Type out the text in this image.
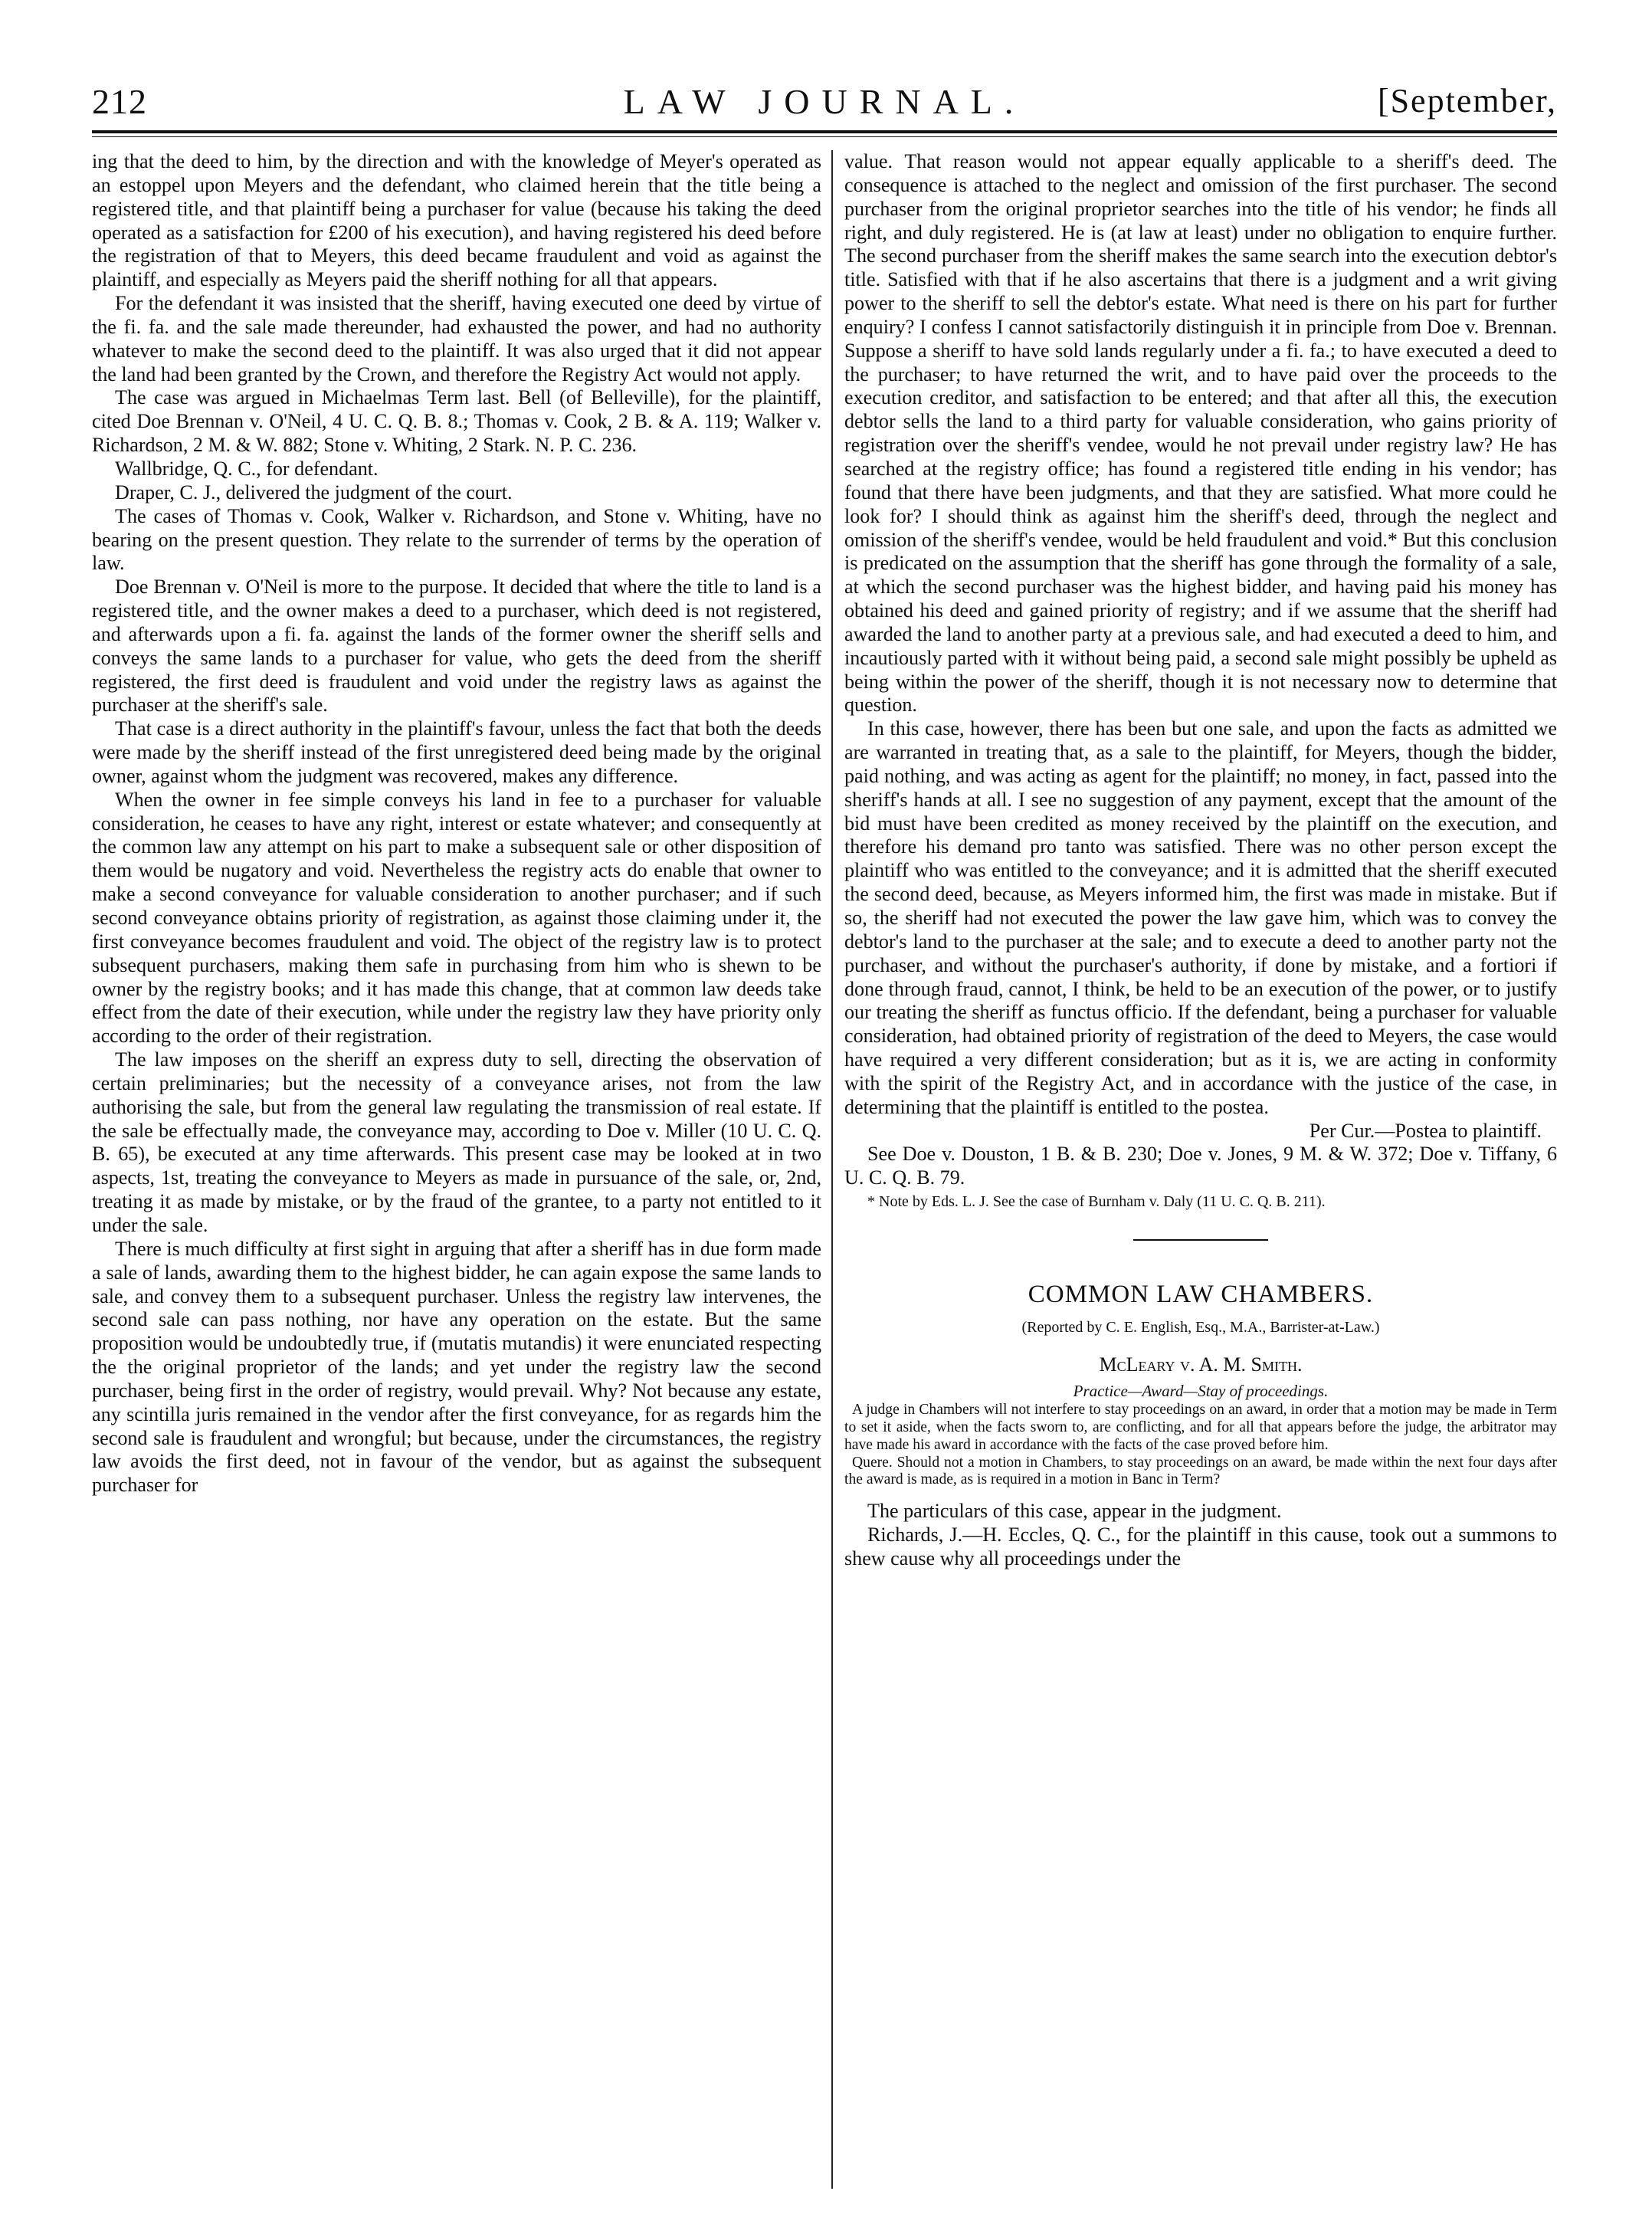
212	LAW JOURNAL.	[September,

ing that the deed to him, by the direction and with the knowledge of Meyer's operated as an estoppel upon Meyers and the defendant, who claimed herein that the title being a registered title, and that plaintiff being a purchaser for value (because his taking the deed operated as a satisfaction for £200 of his execution), and having registered his deed before the registration of that to Meyers, this deed became fraudulent and void as against the plaintiff, and especially as Meyers paid the sheriff nothing for all that appears.

For the defendant it was insisted that the sheriff, having executed one deed by virtue of the fi. fa. and the sale made thereunder, had exhausted the power, and had no authority whatever to make the second deed to the plaintiff. It was also urged that it did not appear the land had been granted by the Crown, and therefore the Registry Act would not apply.

The case was argued in Michaelmas Term last. Bell (of Belleville), for the plaintiff, cited Doe Brennan v. O'Neil, 4 U. C. Q. B. 8.; Thomas v. Cook, 2 B. & A. 119; Walker v. Richardson, 2 M. & W. 882; Stone v. Whiting, 2 Stark. N. P. C. 236.

Wallbridge, Q. C., for defendant.

Draper, C. J., delivered the judgment of the court.

The cases of Thomas v. Cook, Walker v. Richardson, and Stone v. Whiting, have no bearing on the present question. They relate to the surrender of terms by the operation of law.

Doe Brennan v. O'Neil is more to the purpose. It decided that where the title to land is a registered title, and the owner makes a deed to a purchaser, which deed is not registered, and afterwards upon a fi. fa. against the lands of the former owner the sheriff sells and conveys the same lands to a purchaser for value, who gets the deed from the sheriff registered, the first deed is fraudulent and void under the registry laws as against the purchaser at the sheriff's sale.

That case is a direct authority in the plaintiff's favour, unless the fact that both the deeds were made by the sheriff instead of the first unregistered deed being made by the original owner, against whom the judgment was recovered, makes any difference.

When the owner in fee simple conveys his land in fee to a purchaser for valuable consideration, he ceases to have any right, interest or estate whatever; and consequently at the common law any attempt on his part to make a subsequent sale or other disposition of them would be nugatory and void. Nevertheless the registry acts do enable that owner to make a second conveyance for valuable consideration to another purchaser; and if such second conveyance obtains priority of registration, as against those claiming under it, the first conveyance becomes fraudulent and void. The object of the registry law is to protect subsequent purchasers, making them safe in purchasing from him who is shewn to be owner by the registry books; and it has made this change, that at common law deeds take effect from the date of their execution, while under the registry law they have priority only according to the order of their registration.

The law imposes on the sheriff an express duty to sell, directing the observation of certain preliminaries; but the necessity of a conveyance arises, not from the law authorising the sale, but from the general law regulating the transmission of real estate. If the sale be effectually made, the conveyance may, according to Doe v. Miller (10 U. C. Q. B. 65), be executed at any time afterwards. This present case may be looked at in two aspects, 1st, treating the conveyance to Meyers as made in pursuance of the sale, or, 2nd, treating it as made by mistake, or by the fraud of the grantee, to a party not entitled to it under the sale.

There is much difficulty at first sight in arguing that after a sheriff has in due form made a sale of lands, awarding them to the highest bidder, he can again expose the same lands to sale, and convey them to a subsequent purchaser. Unless the registry law intervenes, the second sale can pass nothing, nor have any operation on the estate. But the same proposition would be undoubtedly true, if (mutatis mutandis) it were enunciated respecting the the original proprietor of the lands; and yet under the registry law the second purchaser, being first in the order of registry, would prevail. Why? Not because any estate, any scintilla juris remained in the vendor after the first conveyance, for as regards him the second sale is fraudulent and wrongful; but because, under the circumstances, the registry law avoids the first deed, not in favour of the vendor, but as against the subsequent purchaser for

value. That reason would not appear equally applicable to a sheriff's deed. The consequence is attached to the neglect and omission of the first purchaser. The second purchaser from the original proprietor searches into the title of his vendor; he finds all right, and duly registered. He is (at law at least) under no obligation to enquire further. The second purchaser from the sheriff makes the same search into the execution debtor's title. Satisfied with that if he also ascertains that there is a judgment and a writ giving power to the sheriff to sell the debtor's estate. What need is there on his part for further enquiry? I confess I cannot satisfactorily distinguish it in principle from Doe v. Brennan. Suppose a sheriff to have sold lands regularly under a fi. fa.; to have executed a deed to the purchaser; to have returned the writ, and to have paid over the proceeds to the execution creditor, and satisfaction to be entered; and that after all this, the execution debtor sells the land to a third party for valuable consideration, who gains priority of registration over the sheriff's vendee, would he not prevail under registry law? He has searched at the registry office; has found a registered title ending in his vendor; has found that there have been judgments, and that they are satisfied. What more could he look for? I should think as against him the sheriff's deed, through the neglect and omission of the sheriff's vendee, would be held fraudulent and void.* But this conclusion is predicated on the assumption that the sheriff has gone through the formality of a sale, at which the second purchaser was the highest bidder, and having paid his money has obtained his deed and gained priority of registry; and if we assume that the sheriff had awarded the land to another party at a previous sale, and had executed a deed to him, and incautiously parted with it without being paid, a second sale might possibly be upheld as being within the power of the sheriff, though it is not necessary now to determine that question.

In this case, however, there has been but one sale, and upon the facts as admitted we are warranted in treating that, as a sale to the plaintiff, for Meyers, though the bidder, paid nothing, and was acting as agent for the plaintiff; no money, in fact, passed into the sheriff's hands at all. I see no suggestion of any payment, except that the amount of the bid must have been credited as money received by the plaintiff on the execution, and therefore his demand pro tanto was satisfied. There was no other person except the plaintiff who was entitled to the conveyance; and it is admitted that the sheriff executed the second deed, because, as Meyers informed him, the first was made in mistake. But if so, the sheriff had not executed the power the law gave him, which was to convey the debtor's land to the purchaser at the sale; and to execute a deed to another party not the purchaser, and without the purchaser's authority, if done by mistake, and a fortiori if done through fraud, cannot, I think, be held to be an execution of the power, or to justify our treating the sheriff as functus officio. If the defendant, being a purchaser for valuable consideration, had obtained priority of registration of the deed to Meyers, the case would have required a very different consideration; but as it is, we are acting in conformity with the spirit of the Registry Act, and in accordance with the justice of the case, in determining that the plaintiff is entitled to the postea.

Per Cur.—Postea to plaintiff.

See Doe v. Douston, 1 B. & B. 230; Doe v. Jones, 9 M. & W. 372; Doe v. Tiffany, 6 U. C. Q. B. 79.

* Note by Eds. L. J. See the case of Burnham v. Daly (11 U. C. Q. B. 211).

COMMON LAW CHAMBERS.
(Reported by C. E. English, Esq., M.A., Barrister-at-Law.)
McLeary v. A. M. Smith.
Practice—Award—Stay of proceedings.

A judge in Chambers will not interfere to stay proceedings on an award, in order that a motion may be made in Term to set it aside, when the facts sworn to, are conflicting, and for all that appears before the judge, the arbitrator may have made his award in accordance with the facts of the case proved before him.

Quere. Should not a motion in Chambers, to stay proceedings on an award, be made within the next four days after the award is made, as is required in a motion in Banc in Term?

The particulars of this case, appear in the judgment.

Richards, J.—H. Eccles, Q. C., for the plaintiff in this cause, took out a summons to shew cause why all proceedings under the
